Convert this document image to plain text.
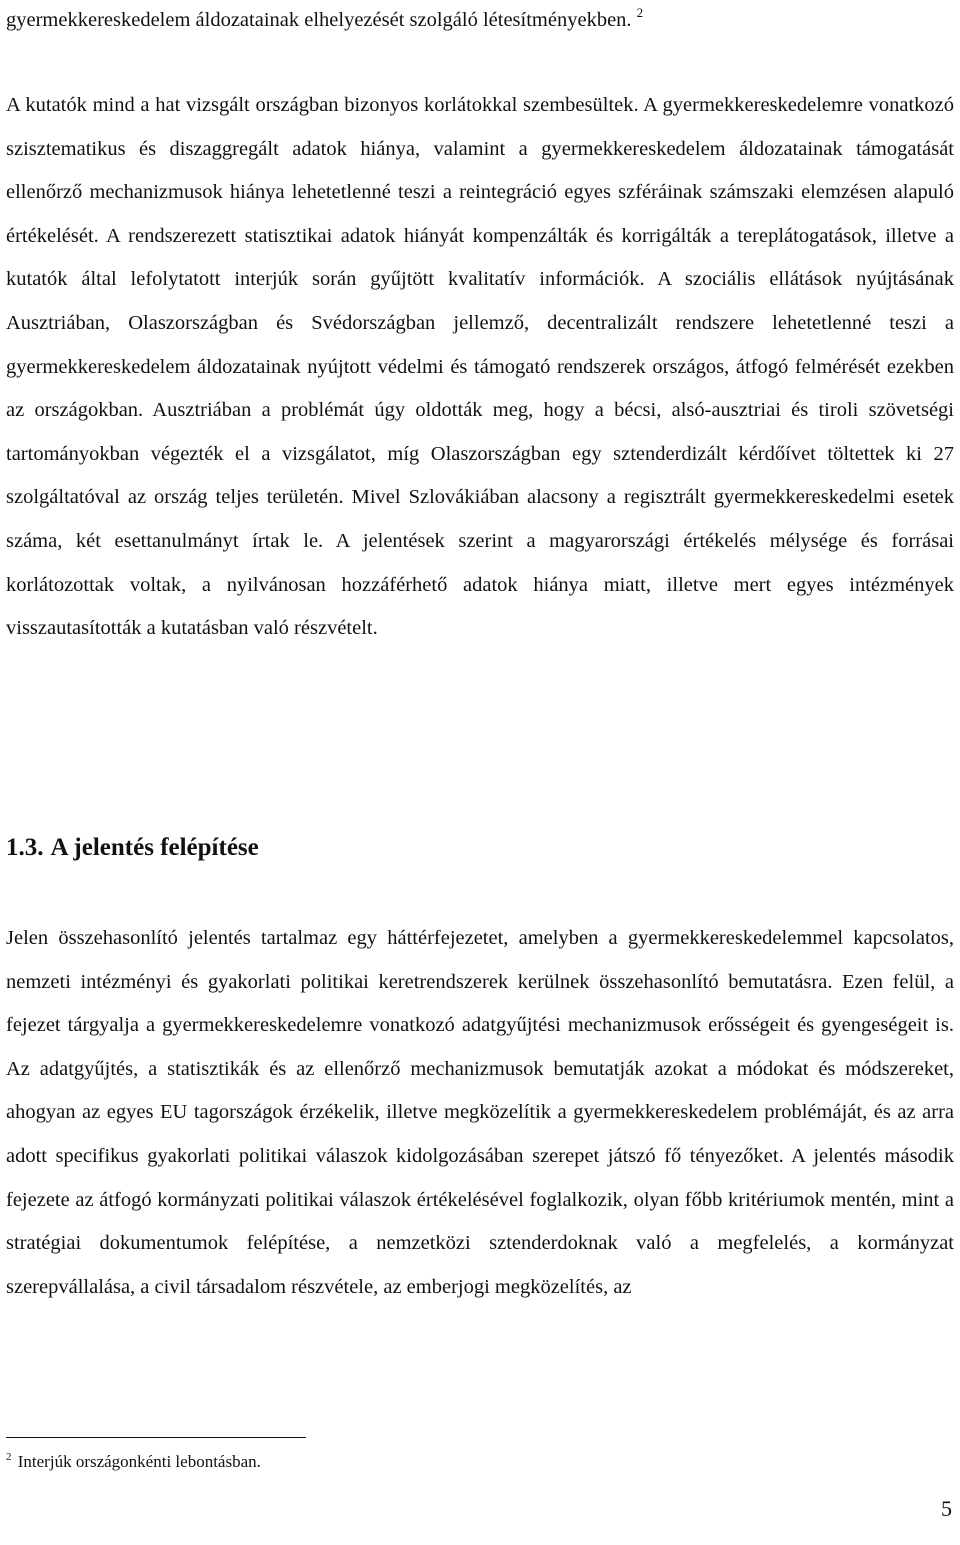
gyermekkereskedelem áldozatainak elhelyezését szolgáló létesítményekben. $^2$

A kutatók mind a hat vizsgált országban bizonyos korlátokkal szembesültek. A gyermekkereskedelemre vonatkozó szisztematikus és diszaggregált adatok hiánya, valamint a gyermekkereskedelem áldozatainak támogatását ellenőrző mechanizmusok hiánya lehetetlenné teszi a reintegráció egyes szféráinak számszaki elemzésen alapuló értékelését. A rendszerezett statisztikai adatok hiányát kompenzálták és korrigálták a tereplátogatások, illetve a kutatók által lefolytatott interjúk során gyűjtött kvalitatív információk. A szociális ellátások nyújtásának Ausztriában, Olaszországban és Svédországban jellemző, decentralizált rendszere lehetetlenné teszi a gyermekkereskedelem áldozatainak nyújtott védelmi és támogató rendszerek országos, átfogó felmérését ezekben az országokban. Ausztriában a problémát úgy oldották meg, hogy a bécsi, alsó-ausztriai és tiroli szövetségi tartományokban végezték el a vizsgálatot, míg Olaszországban egy sztenderdizált kérdőívet töltettek ki 27 szolgáltatóval az ország teljes területén. Mivel Szlovákiában alacsony a regisztrált gyermekkereskedelmi esetek száma, két esettanulmányt írtak le. A jelentések szerint a magyarországi értékelés mélysége és forrásai korlátozottak voltak, a nyilvánosan hozzáférhető adatok hiánya miatt, illetve mert egyes intézmények visszautasították a kutatásban való részvételt.

1.3. A jelentés felépítése

Jelen összehasonlító jelentés tartalmaz egy háttérfejezetet, amelyben a gyermekkereskedelemmel kapcsolatos, nemzeti intézményi és gyakorlati politikai keretrendszerek kerülnek összehasonlító bemutatásra. Ezen felül, a fejezet tárgyalja a gyermekkereskedelemre vonatkozó adatgyűjtési mechanizmusok erősségeit és gyengeségeit is. Az adatgyűjtés, a statisztikák és az ellenőrző mechanizmusok bemutatják azokat a módokat és módszereket, ahogyan az egyes EU tagországok érzékelik, illetve megközelítik a gyermekkereskedelem problémáját, és az arra adott specifikus gyakorlati politikai válaszok kidolgozásában szerepet játszó fő tényezőket. A jelentés második fejezete az átfogó kormányzati politikai válaszok értékelésével foglalkozik, olyan főbb kritériumok mentén, mint a stratégiai dokumentumok felépítése, a nemzetközi sztenderdoknak való a megfelelés, a kormányzat szerepvállalása, a civil társadalom részvétele, az emberjogi megközelítés, az

$^2$ Interjúk országonkénti lebontásban.

5
